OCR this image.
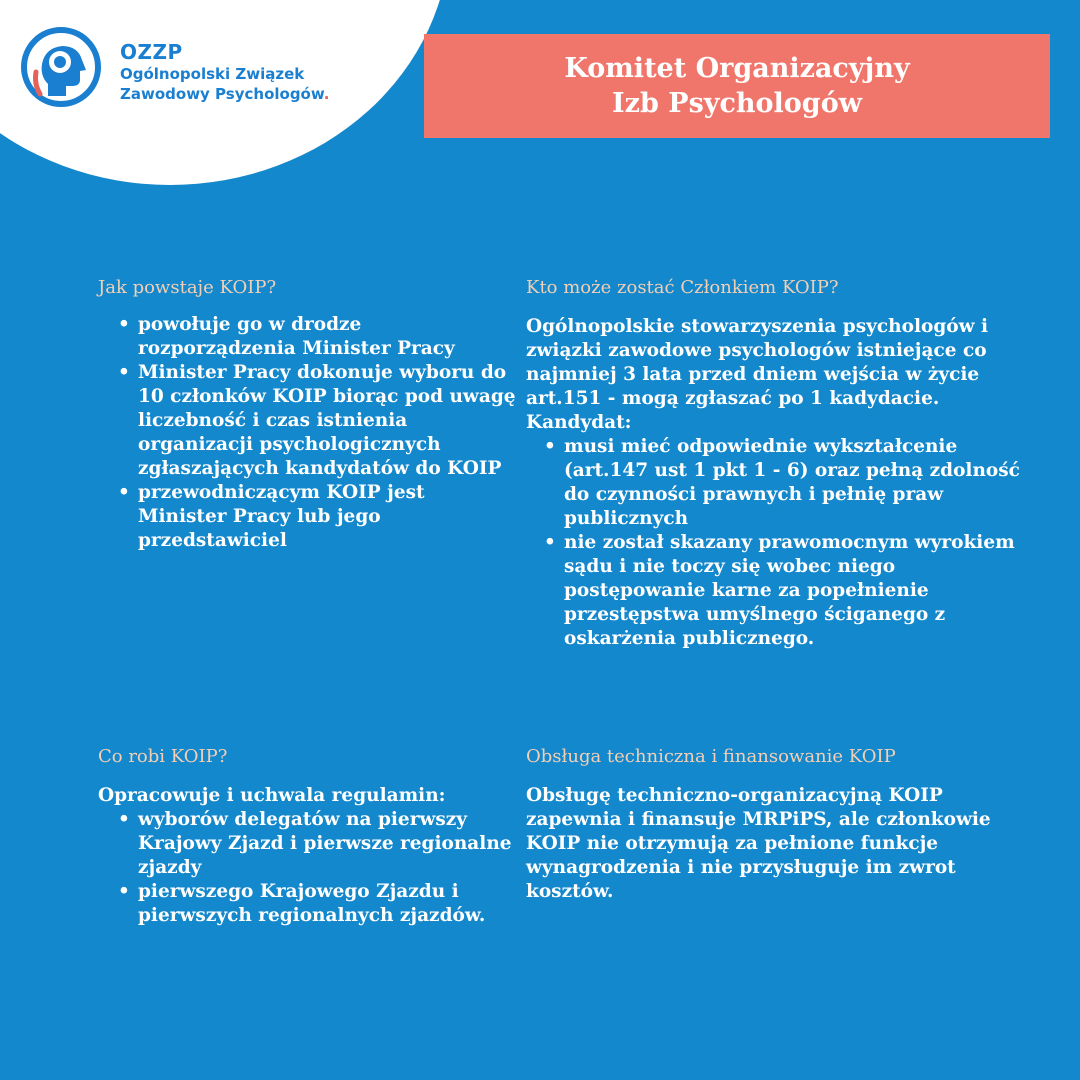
OZZP
Ogólnopolski Związek
Zawodowy Psychologów.
Komitet Organizacyjny
Izb Psychologów
Jak powstaje KOIP?
• powołuje go w drodze rozporządzenia Minister Pracy
• Minister Pracy dokonuje wyboru do 10 członków KOIP biorąc pod uwagę liczebność i czas istnienia organizacji psychologicznych zgłaszających kandydatów do KOIP
• przewodniczącym KOIP jest Minister Pracy lub jego przedstawiciel
Kto może zostać Członkiem KOIP?
Ogólnopolskie stowarzyszenia psychologów i związki zawodowe psychologów istniejące co najmniej 3 lata przed dniem wejścia w życie art.151 - mogą zgłaszać po 1 kadydacie.
Kandydat:
• musi mieć odpowiednie wykształcenie (art.147 ust 1 pkt 1 - 6) oraz pełną zdolność do czynności prawnych i pełnię praw publicznych
• nie został skazany prawomocnym wyrokiem sądu i nie toczy się wobec niego postępowanie karne za popełnienie przestępstwa umyślnego ściganego z oskarżenia publicznego.
Co robi KOIP?
Opracowuje i uchwala regulamin:
• wyborów delegatów na pierwszy Krajowy Zjazd i pierwsze regionalne zjazdy
• pierwszego Krajowego Zjazdu i pierwszych regionalnych zjazdów.
Obsługa techniczna i finansowanie KOIP
Obsługę techniczno-organizacyjną KOIP zapewnia i finansuje MRPiPS, ale członkowie KOIP nie otrzymują za pełnione funkcje wynagrodzenia i nie przysługuje im zwrot kosztów.
